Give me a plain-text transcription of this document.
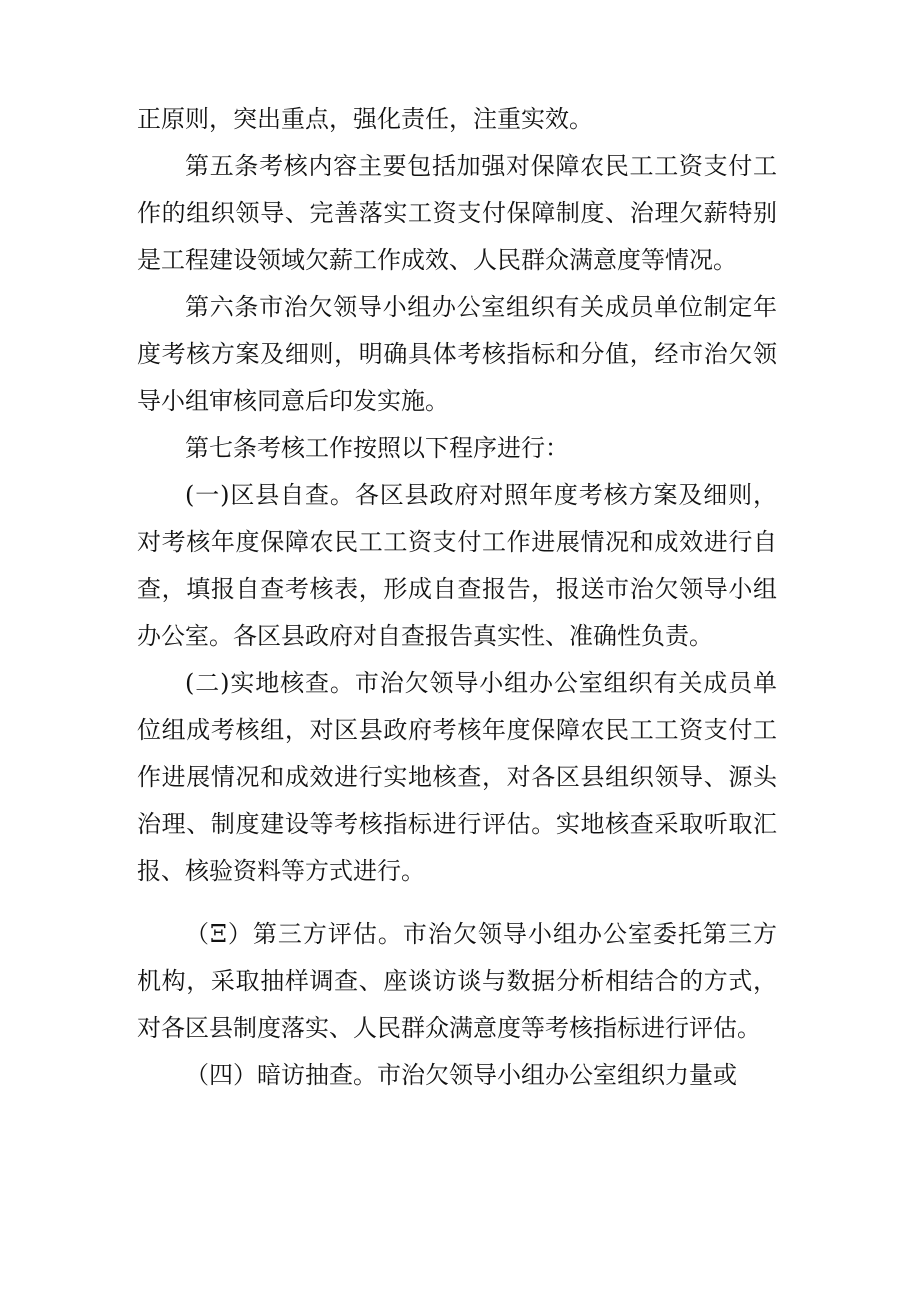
正原则，突出重点，强化责任，注重实效。

第五条考核内容主要包括加强对保障农民工工资支付工作的组织领导、完善落实工资支付保障制度、治理欠薪特别是工程建设领域欠薪工作成效、人民群众满意度等情况。

第六条市治欠领导小组办公室组织有关成员单位制定年度考核方案及细则，明确具体考核指标和分值，经市治欠领导小组审核同意后印发实施。

第七条考核工作按照以下程序进行：

(一)区县自查。各区县政府对照年度考核方案及细则，对考核年度保障农民工工资支付工作进展情况和成效进行自查，填报自查考核表，形成自查报告，报送市治欠领导小组办公室。各区县政府对自查报告真实性、准确性负责。

(二)实地核查。市治欠领导小组办公室组织有关成员单位组成考核组，对区县政府考核年度保障农民工工资支付工作进展情况和成效进行实地核查，对各区县组织领导、源头治理、制度建设等考核指标进行评估。实地核查采取听取汇报、核验资料等方式进行。

（Ξ）第三方评估。市治欠领导小组办公室委托第三方机构，采取抽样调查、座谈访谈与数据分析相结合的方式，对各区县制度落实、人民群众满意度等考核指标进行评估。

（四）暗访抽查。市治欠领导小组办公室组织力量或
